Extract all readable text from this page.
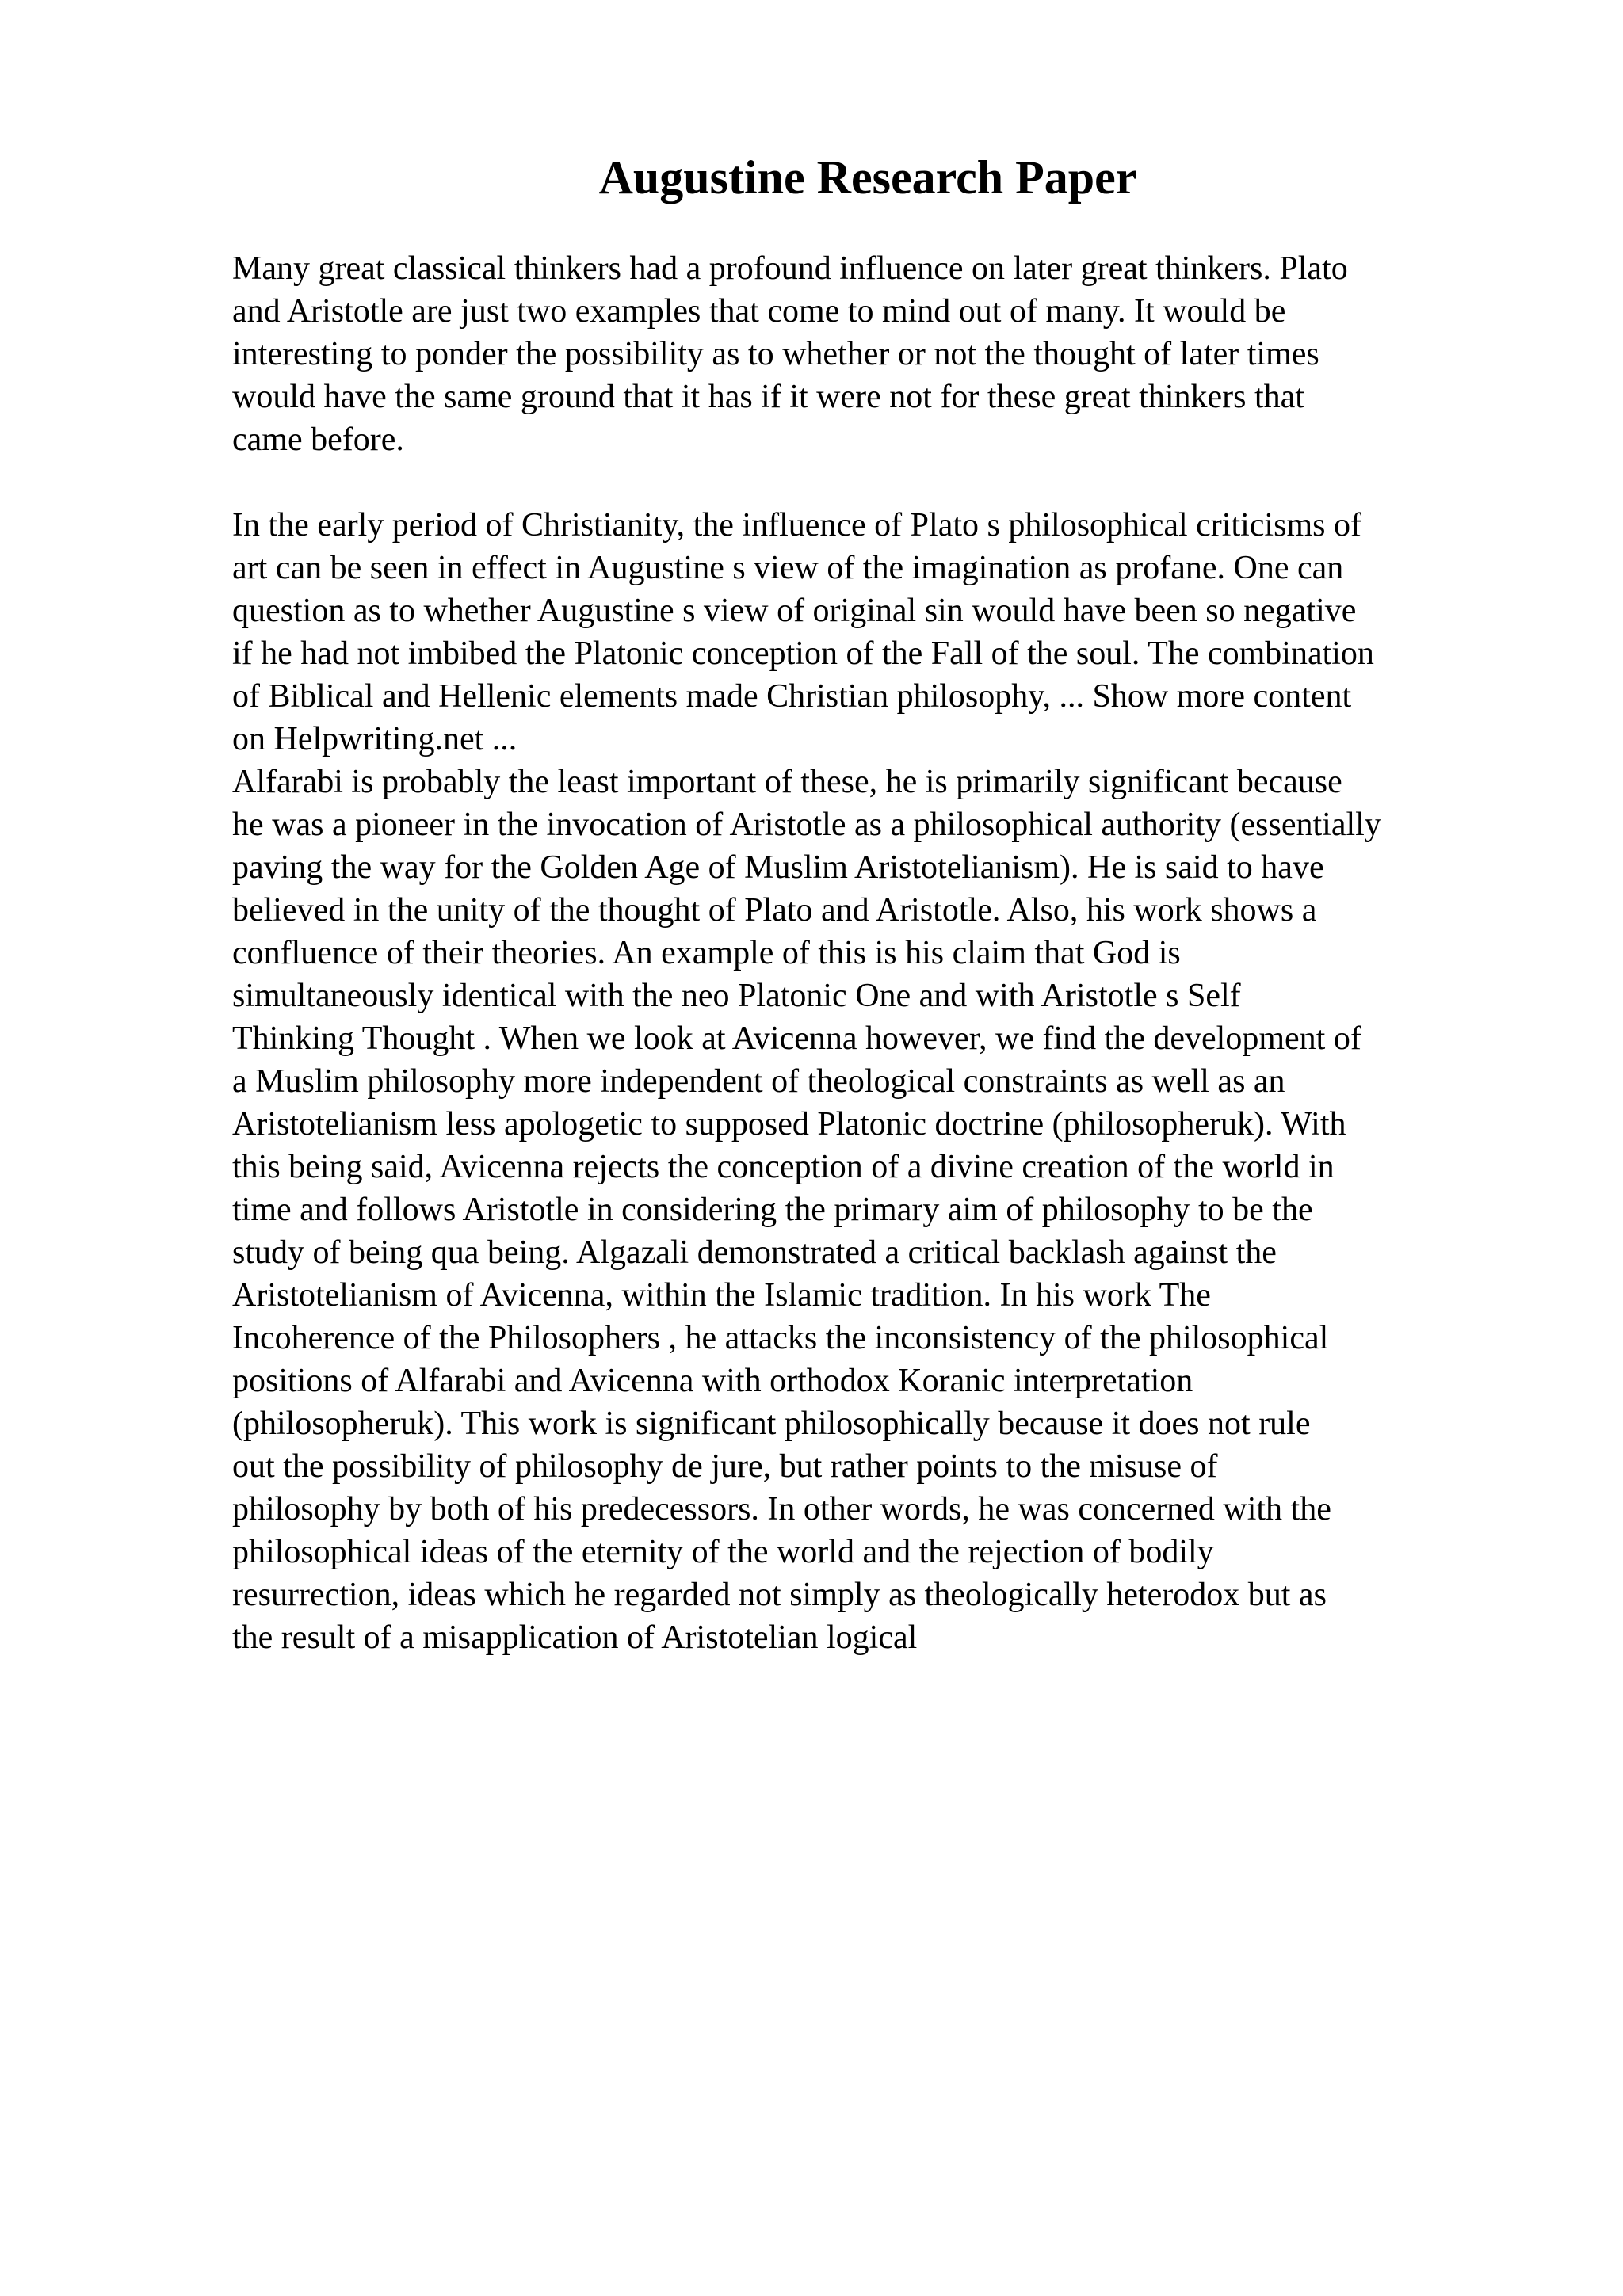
Augustine Research Paper
Many great classical thinkers had a profound influence on later great thinkers. Plato
and Aristotle are just two examples that come to mind out of many. It would be
interesting to ponder the possibility as to whether or not the thought of later times
would have the same ground that it has if it were not for these great thinkers that
came before.
In the early period of Christianity, the influence of Plato s philosophical criticisms of
art can be seen in effect in Augustine s view of the imagination as profane. One can
question as to whether Augustine s view of original sin would have been so negative
if he had not imbibed the Platonic conception of the Fall of the soul. The combination
of Biblical and Hellenic elements made Christian philosophy, ... Show more content
on Helpwriting.net ...
Alfarabi is probably the least important of these, he is primarily significant because
he was a pioneer in the invocation of Aristotle as a philosophical authority (essentially
paving the way for the Golden Age of Muslim Aristotelianism). He is said to have
believed in the unity of the thought of Plato and Aristotle. Also, his work shows a
confluence of their theories. An example of this is his claim that God is
simultaneously identical with the neo Platonic One and with Aristotle s Self
Thinking Thought . When we look at Avicenna however, we find the development of
a Muslim philosophy more independent of theological constraints as well as an
Aristotelianism less apologetic to supposed Platonic doctrine (philosopheruk). With
this being said, Avicenna rejects the conception of a divine creation of the world in
time and follows Aristotle in considering the primary aim of philosophy to be the
study of being qua being. Algazali demonstrated a critical backlash against the
Aristotelianism of Avicenna, within the Islamic tradition. In his work The
Incoherence of the Philosophers , he attacks the inconsistency of the philosophical
positions of Alfarabi and Avicenna with orthodox Koranic interpretation
(philosopheruk). This work is significant philosophically because it does not rule
out the possibility of philosophy de jure, but rather points to the misuse of
philosophy by both of his predecessors. In other words, he was concerned with the
philosophical ideas of the eternity of the world and the rejection of bodily
resurrection, ideas which he regarded not simply as theologically heterodox but as
the result of a misapplication of Aristotelian logical
